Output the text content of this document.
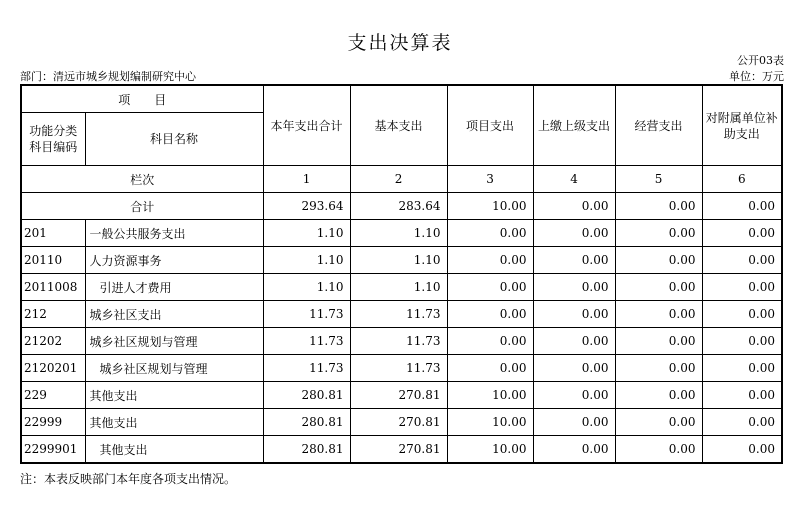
支出决算表
公开03表
部门：清远市城乡规划编制研究中心	单位：万元
项　　目		本年支出合计	基本支出	项目支出	上缴上级支出	经营支出	对附属单位补助支出
功能分类科目编码	科目名称						
栏次		1	2	3	4	5	6
合计		293.64	283.64	10.00	0.00	0.00	0.00
201	一般公共服务支出	1.10	1.10	0.00	0.00	0.00	0.00
20110	人力资源事务	1.10	1.10	0.00	0.00	0.00	0.00
2011008	引进人才费用	1.10	1.10	0.00	0.00	0.00	0.00
212	城乡社区支出	11.73	11.73	0.00	0.00	0.00	0.00
21202	城乡社区规划与管理	11.73	11.73	0.00	0.00	0.00	0.00
2120201	城乡社区规划与管理	11.73	11.73	0.00	0.00	0.00	0.00
229	其他支出	280.81	270.81	10.00	0.00	0.00	0.00
22999	其他支出	280.81	270.81	10.00	0.00	0.00	0.00
2299901	其他支出	280.81	270.81	10.00	0.00	0.00	0.00
注：本表反映部门本年度各项支出情况。
